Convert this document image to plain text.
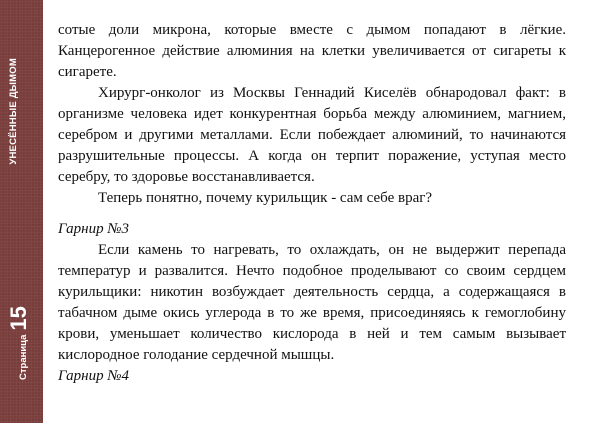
УНЕСЁННЫЕ ДЫМОМ
Страница
15

сотые доли микрона, которые вместе с дымом попадают в лёгкие. Канцерогенное действие алюминия на клетки увеличивается от сигареты к сигарете.

Хирург-онколог из Москвы Геннадий Киселёв обнародовал факт: в организме человека идет конкурентная борьба между алюминием, магнием, серебром и другими металлами. Если побеждает алюминий, то начинаются разрушительные процессы. А когда он терпит поражение, уступая место серебру, то здоровье восстанавливается.

Теперь понятно, почему курильщик - сам себе враг?

Гарнир №3

Если камень то нагревать, то охлаждать, он не выдержит перепада температур и развалится. Нечто подобное проделывают со своим сердцем курильщики: никотин возбуждает деятельность сердца, а содержащаяся в табачном дыме окись углерода в то же время, присоединяясь к гемоглобину крови, уменьшает количество кислорода в ней и тем самым вызывает кислородное голодание сердечной мышцы.

Гарнир №4
